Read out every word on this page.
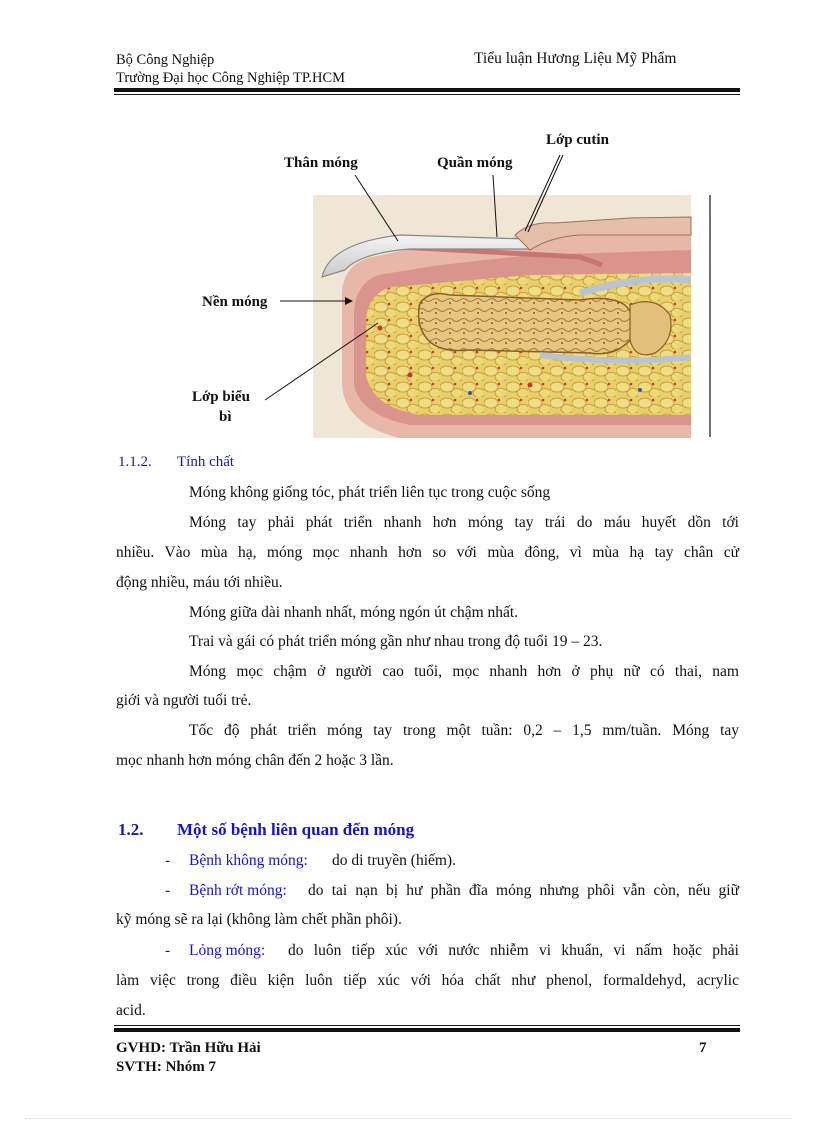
Bộ Công Nghiệp
Trường Đại học Công Nghiệp TP.HCM
Tiểu luận Hương Liệu Mỹ Phẩm
Thân móng	Quần móng
Lớp cutin
Nền móng
Lớp biểu
bì
1.1.2. Tính chất
Móng không giống tóc, phát triển liên tục trong cuộc sống
Móng tay phải phát triển nhanh hơn móng tay trái do máu huyết dồn tới
nhiều. Vào mùa hạ, móng mọc nhanh hơn so với mùa đông, vì mùa hạ tay chân cử
động nhiều, máu tới nhiều.
Móng giữa dài nhanh nhất, móng ngón út chậm nhất.
Trai và gái có phát triển móng gần như nhau trong độ tuổi 19 – 23.
Móng mọc chậm ở người cao tuổi, mọc nhanh hơn ở phụ nữ có thai, nam
giới và người tuổi trẻ.
Tốc độ phát triển móng tay trong một tuần: 0,2 – 1,5 mm/tuần. Móng tay
mọc nhanh hơn móng chân đến 2 hoặc 3 lần.
1.2. Một số bệnh liên quan đến móng
- Bệnh không móng: do di truyền (hiếm).
- Bệnh rớt móng: do tai nạn bị hư phần đĩa móng nhưng phôi vẫn còn, nếu giữ
kỹ móng sẽ ra lại (không làm chết phần phôi).
- Lỏng móng: do luôn tiếp xúc với nước nhiễm vi khuẩn, vi nấm hoặc phải
làm việc trong điều kiện luôn tiếp xúc với hóa chất như phenol, formaldehyd, acrylic
acid.
GVHD: Trần Hữu Hải
SVTH: Nhóm 7
7
